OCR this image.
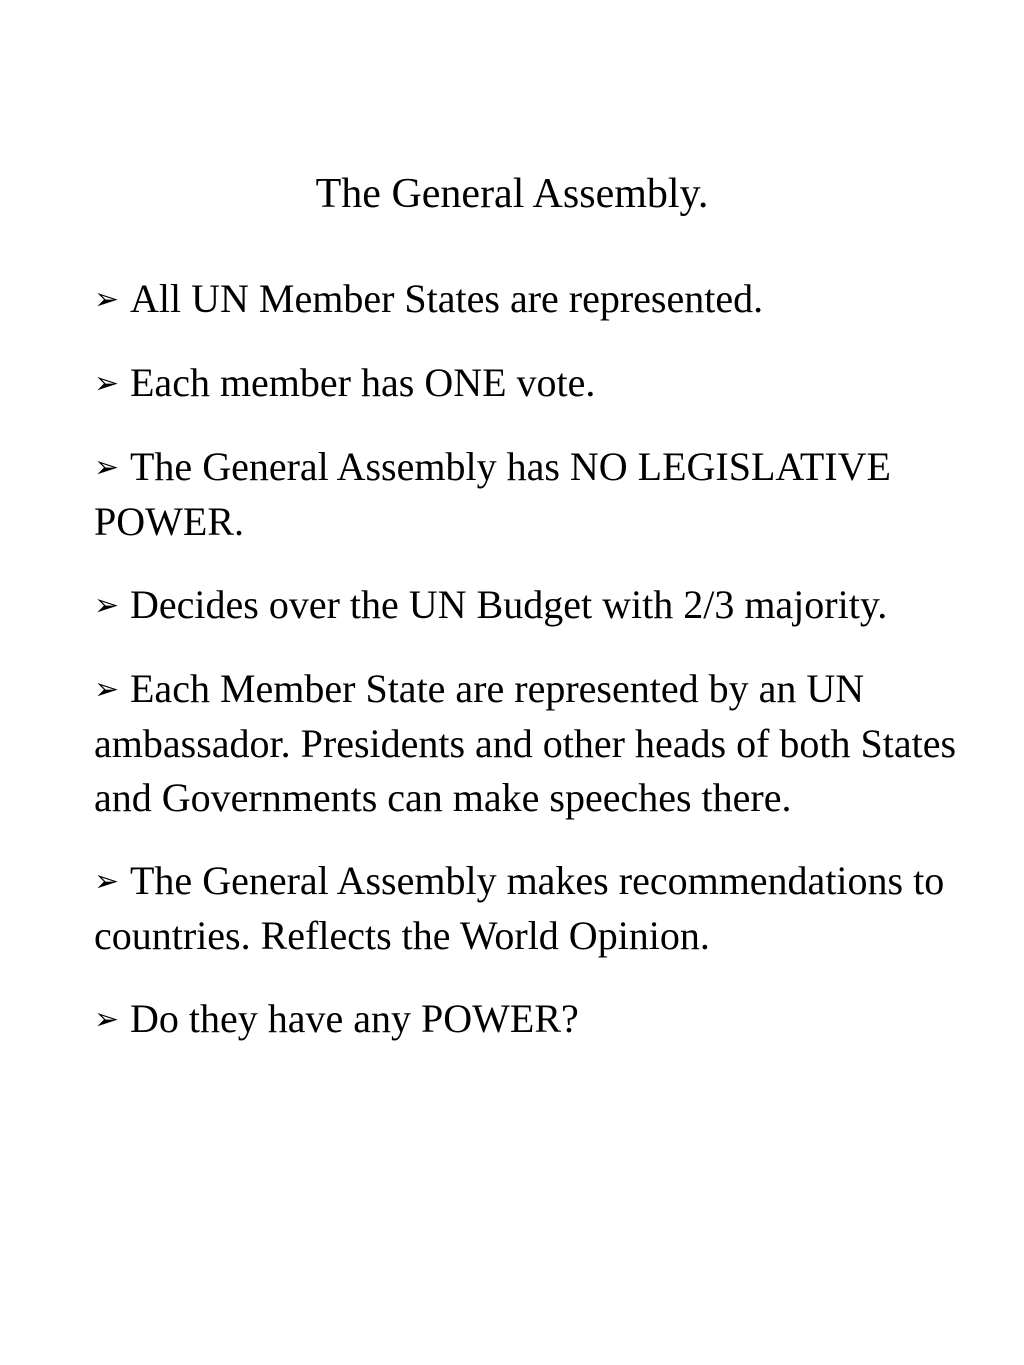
The General Assembly.
➢ All UN Member States are represented.
➢ Each member has ONE vote.
➢ The General Assembly has NO LEGISLATIVE POWER.
➢ Decides over the UN Budget with 2/3 majority.
➢ Each Member State are represented by an UN ambassador. Presidents and other heads of both States and Governments can make speeches there.
➢ The General Assembly makes recommendations to countries. Reflects the World Opinion.
➢ Do they have any POWER?
